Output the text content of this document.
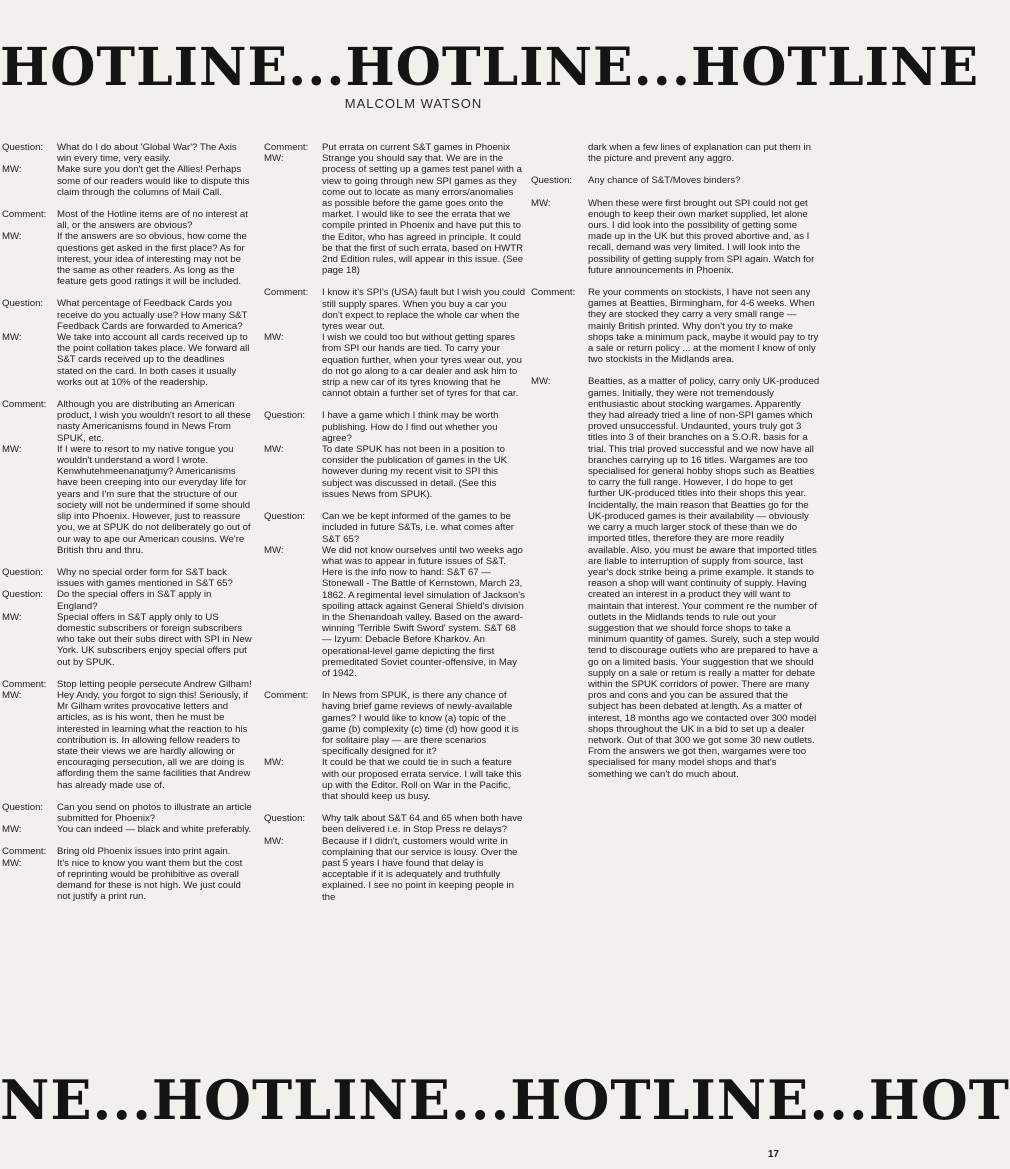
HOTLINE...HOTLINE...HOTLINE
MALCOLM WATSON
Question:	What do I do about 'Global War'? The Axis win every time, very easily.
MW:	Make sure you don't get the Allies! Perhaps some of our readers would like to dispute this claim through the columns of Mail Call.
Comment:	Most of the Hotline items are of no interest at all, or the answers are obvious?
MW:	If the answers are so obvious, how come the questions get asked in the first place? As for interest, your idea of interesting may not be the same as other readers. As long as the feature gets good ratings it will be included.
Question:	What percentage of Feedback Cards you receive do you actually use? How many S&T Feedback Cards are forwarded to America?
MW:	We take into account all cards received up to the point collation takes place. We forward all S&T cards received up to the deadlines stated on the card. In both cases it usually works out at 10% of the readership.
Comment:	Although you are distributing an American product, I wish you wouldn't resort to all these nasty Americanisms found in News From SPUK, etc.
MW:	If I were to resort to my native tongue you wouldn't understand a word I wrote. Kenwhutehmeenanatjumy? Americanisms have been creeping into our everyday life for years and I'm sure that the structure of our society will not be undermined if some should slip into Phoenix. However, just to reassure you, we at SPUK do not deliberately go out of our way to ape our American cousins. We're British thru and thru.
Question:	Why no special order form for S&T back issues with games mentioned in S&T 65?
Question:	Do the special offers in S&T apply in England?
MW:	Special offers in S&T apply only to US domestic subscribers or foreign subscribers who take out their subs direct with SPI in New York. UK subscribers enjoy special offers put out by SPUK.
Comment:	Stop letting people persecute Andrew Gilham!
MW:	Hey Andy, you forgot to sign this! Seriously, if Mr Gilham writes provocative letters and articles, as is his wont, then he must be interested in learning what the reaction to his contribution is. In allowing fellow readers to state their views we are hardly allowing or encouraging persecution, all we are doing is affording them the same facilities that Andrew has already made use of.
Question:	Can you send on photos to illustrate an article submitted for Phoenix?
MW:	You can indeed — black and white preferably.
Comment:	Bring old Phoenix issues into print again.
MW:	It's nice to know you want them but the cost of reprinting would be prohibitive as overall demand for these is not high. We just could not justify a print run.
Comment:	Put errata on current S&T games in Phoenix
MW:	Strange you should say that. We are in the process of setting up a games test panel with a view to going through new SPI games as they come out to locate as many errors/anomalies as possible before the game goes onto the market. I would like to see the errata that we compile printed in Phoenix and have put this to the Editor, who has agreed in principle. It could be that the first of such errata, based on HWTR 2nd Edition rules, will appear in this issue. (See page 18)
Comment:	I know it's SPI's (USA) fault but I wish you could still supply spares. When you buy a car you don't expect to replace the whole car when the tyres wear out.
MW:	I wish we could too but without getting spares from SPI our hands are tied. To carry your equation further, when your tyres wear out, you do not go along to a car dealer and ask him to strip a new car of its tyres knowing that he cannot obtain a further set of tyres for that car.
Question:	I have a game which I think may be worth publishing. How do I find out whether you agree?
MW:	To date SPUK has not been in a position to consider the publication of games in the UK however during my recent visit to SPI this subject was discussed in detail. (See this issues News from SPUK).
Question:	Can we be kept informed of the games to be included in future S&Ts, i.e. what comes after S&T 65?
MW:	We did not know ourselves until two weeks ago what was to appear in future issues of S&T. Here is the info now to hand: S&T 67 — Stonewall - The Battle of Kernstown, March 23, 1862. A regimental level simulation of Jackson's spoiling attack against General Shield's division in the Shenandoah valley. Based on the award-winning 'Terrible Swift Sword' system. S&T 68 — Izyum: Debacle Before Kharkov. An operational-level game depicting the first premeditated Soviet counter-offensive, in May of 1942.
Comment:	In News from SPUK, is there any chance of having brief game reviews of newly-available games? I would like to know (a) topic of the game (b) complexity (c) time (d) how good it is for solitaire play — are there scenarios specifically designed for it?
MW:	It could be that we could tie in such a feature with our proposed errata service. I will take this up with the Editor. Roll on War in the Pacific, that should keep us busy.
Question:	Why talk about S&T 64 and 65 when both have been delivered i.e. in Stop Press re delays?
MW:	Because if I didn't, customers would write in complaining that our service is lousy. Over the past 5 years I have found that delay is acceptable if it is adequately and truthfully explained. I see no point in keeping people in the
dark when a few lines of explanation can put them in the picture and prevent any aggro.
Question:	Any chance of S&T/Moves binders?
MW:	When these were first brought out SPI could not get enough to keep their own market supplied, let alone ours. I did look into the possibility of getting some made up in the UK but this proved abortive and, as I recall, demand was very limited. I will look into the possibility of getting supply from SPI again. Watch for future announcements in Phoenix.
Comment:	Re your comments on stockists, I have not seen any games at Beatties, Birmingham, for 4-6 weeks. When they are stocked they carry a very small range — mainly British printed. Why don't you try to make shops take a minimum pack, maybe it would pay to try a sale or return policy ... at the moment I know of only two stockists in the Midlands area.
MW:	Beatties, as a matter of policy, carry only UK-produced games. Initially, they were not tremendously enthusiastic about stocking wargames. Apparently they had already tried a line of non-SPI games which proved unsuccessful. Undaunted, yours truly got 3 titles into 3 of their branches on a S.O.R. basis for a trial. This trial proved successful and we now have all branches carrying up to 16 titles. Wargames are too specialised for general hobby shops such as Beatties to carry the full range. However, I do hope to get further UK-produced titles into their shops this year. Incidentally, the main reason that Beatties go for the UK-produced games is their availability — obviously we carry a much larger stock of these than we do imported titles, therefore they are more readily available. Also, you must be aware that imported titles are liable to interruption of supply from source, last year's dock strike being a prime example. It stands to reason a shop will want continuity of supply. Having created an interest in a product they will want to maintain that interest. Your comment re the number of outlets in the Midlands tends to rule out your suggestion that we should force shops to take a minimum quantity of games. Surely, such a step would tend to discourage outlets who are prepared to have a go on a limited basis. Your suggestion that we should supply on a sale or return is really a matter for debate within the SPUK corridors of power. There are many pros and cons and you can be assured that the subject has been debated at length. As a matter of interest, 18 months ago we contacted over 300 model shops throughout the UK in a bid to set up a dealer network. Out of that 300 we got some 30 new outlets. From the answers we got then, wargames were too specialised for many model shops and that's something we can't do much about.
NE...HOTLINE...HOTLINE...HOT
17
